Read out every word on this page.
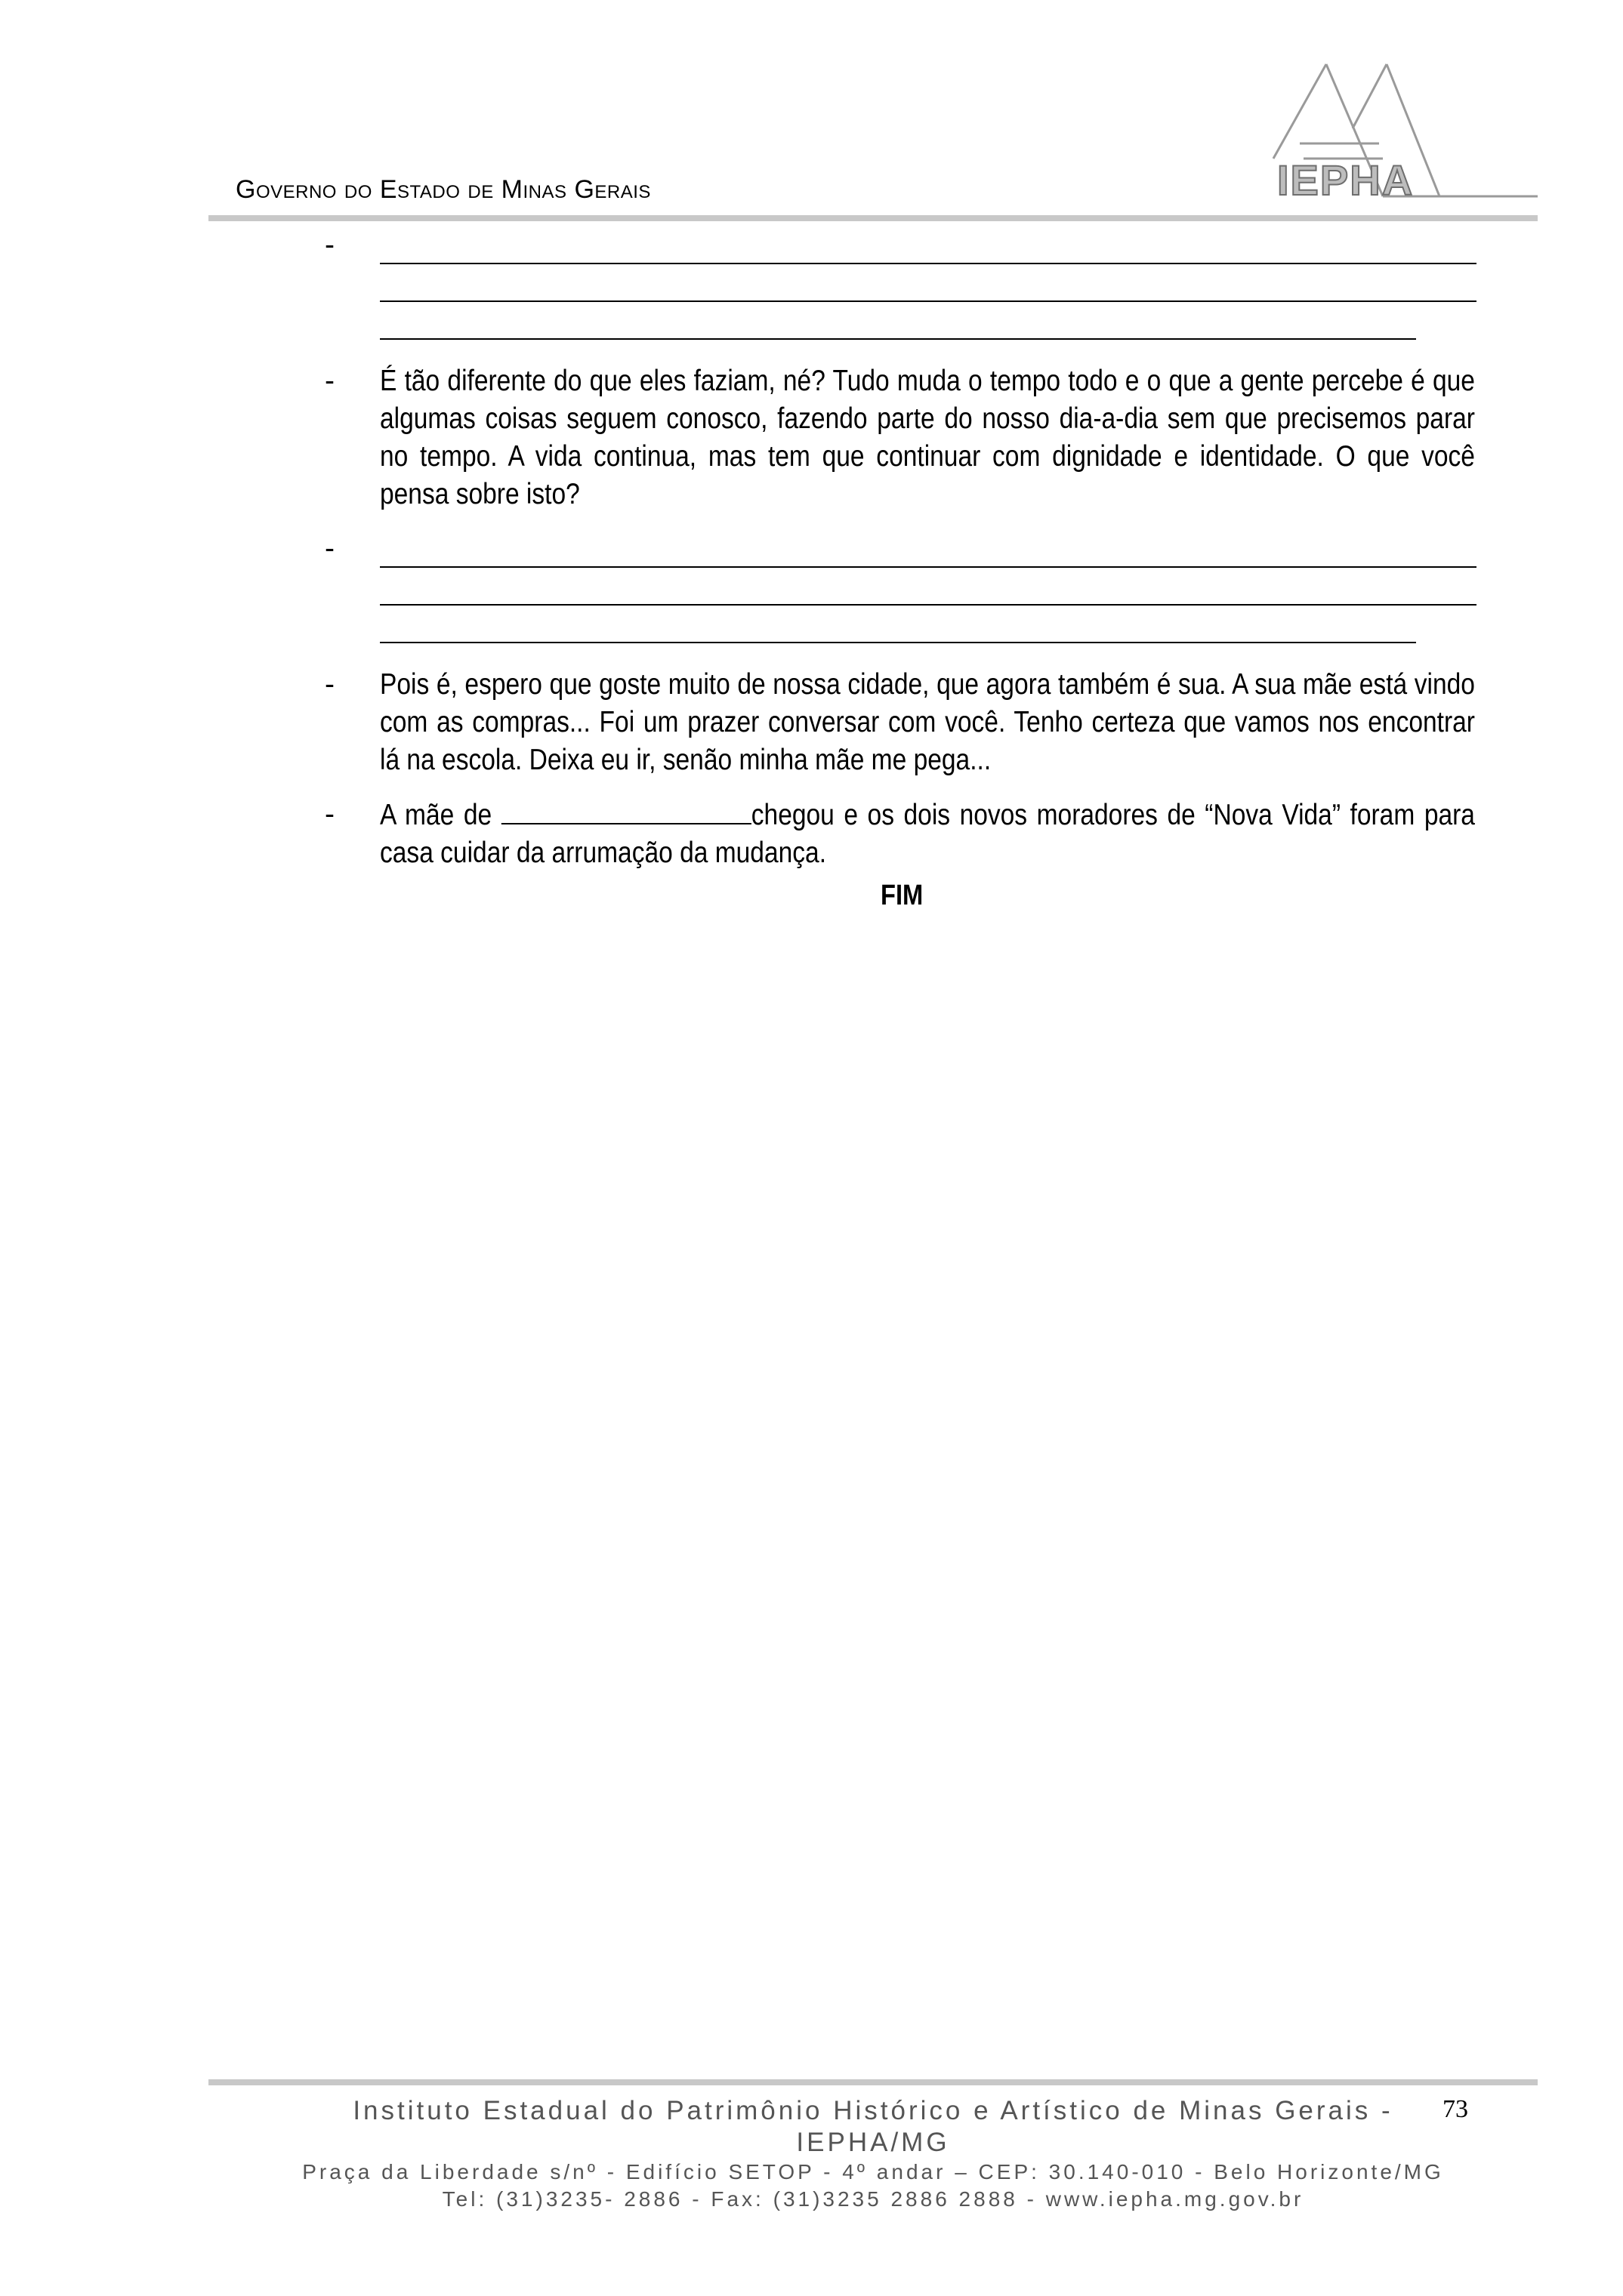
Governo do Estado de Minas Gerais	IEPHA
-
- É tão diferente do que eles faziam, né? Tudo muda o tempo todo e o que a gente percebe é que algumas coisas seguem conosco, fazendo parte do nosso dia-a-dia sem que precisemos parar no tempo. A vida continua, mas tem que continuar com dignidade e identidade. O que você pensa sobre isto?
-
- Pois é, espero que goste muito de nossa cidade, que agora também é sua. A sua mãe está vindo com as compras... Foi um prazer conversar com você. Tenho certeza que vamos nos encontrar lá na escola. Deixa eu ir, senão minha mãe me pega...
- A mãe de	chegou e os dois novos moradores de “Nova Vida” foram para casa cuidar da arrumação da mudança.
FIM
Instituto Estadual do Patrimônio Histórico e Artístico de Minas Gerais - IEPHA/MG
Praça da Liberdade s/nº - Edifício SETOP - 4º andar – CEP: 30.140-010 - Belo Horizonte/MG
Tel: (31)3235- 2886 - Fax: (31)3235 2886 2888 - www.iepha.mg.gov.br
73
